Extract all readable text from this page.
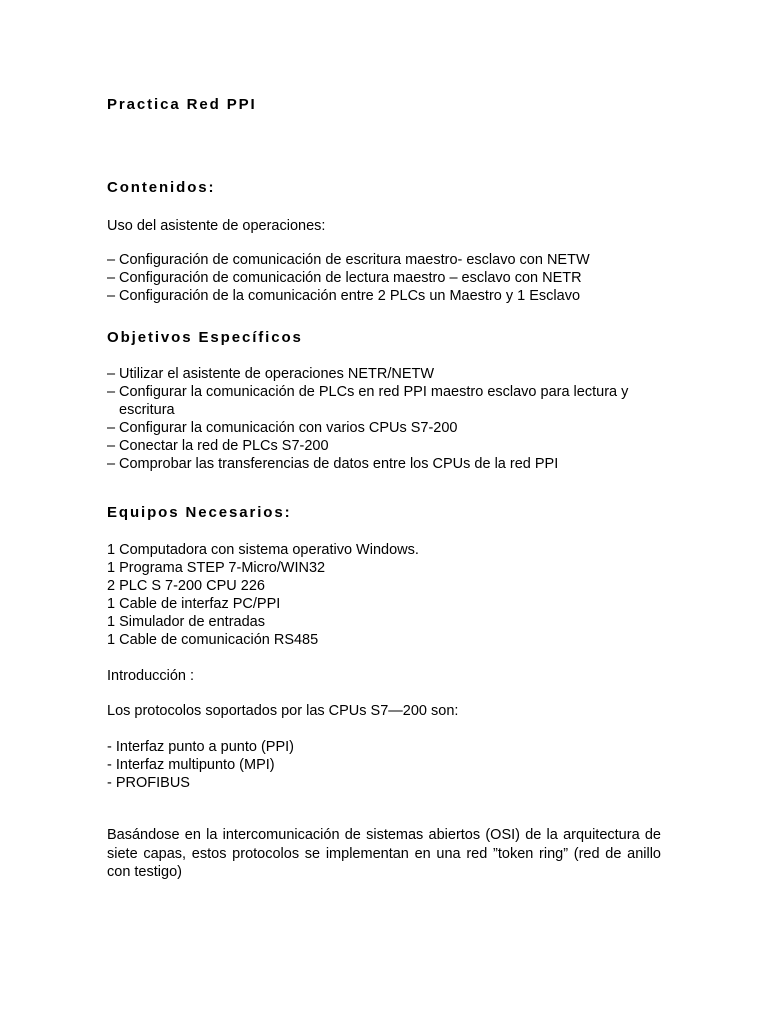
Practica Red PPI
Contenidos:

Uso del asistente de operaciones:

– Configuración de comunicación de escritura maestro- esclavo con NETW
– Configuración de comunicación de lectura maestro – esclavo con NETR
– Configuración de la comunicación entre 2 PLCs un Maestro y 1 Esclavo
Objetivos Específicos
– Utilizar el asistente de operaciones NETR/NETW
– Configurar la comunicación de PLCs en red PPI maestro esclavo para lectura y escritura
– Configurar la comunicación con varios CPUs S7-200
– Conectar la red de PLCs S7-200
– Comprobar las transferencias de datos entre los CPUs de la red PPI
Equipos Necesarios:
1 Computadora con sistema operativo Windows.
1 Programa STEP 7-Micro/WIN32
2 PLC S 7-200 CPU 226
1 Cable de interfaz PC/PPI
1 Simulador de entradas
1 Cable de comunicación RS485

Introducción :

Los protocolos soportados por las CPUs S7—200 son:

- Interfaz punto a punto (PPI)
- Interfaz multipunto (MPI)
- PROFIBUS

Basándose en la intercomunicación de sistemas abiertos (OSI) de la arquitectura de siete capas, estos protocolos se implementan en una red ”token ring” (red de anillo con testigo)
